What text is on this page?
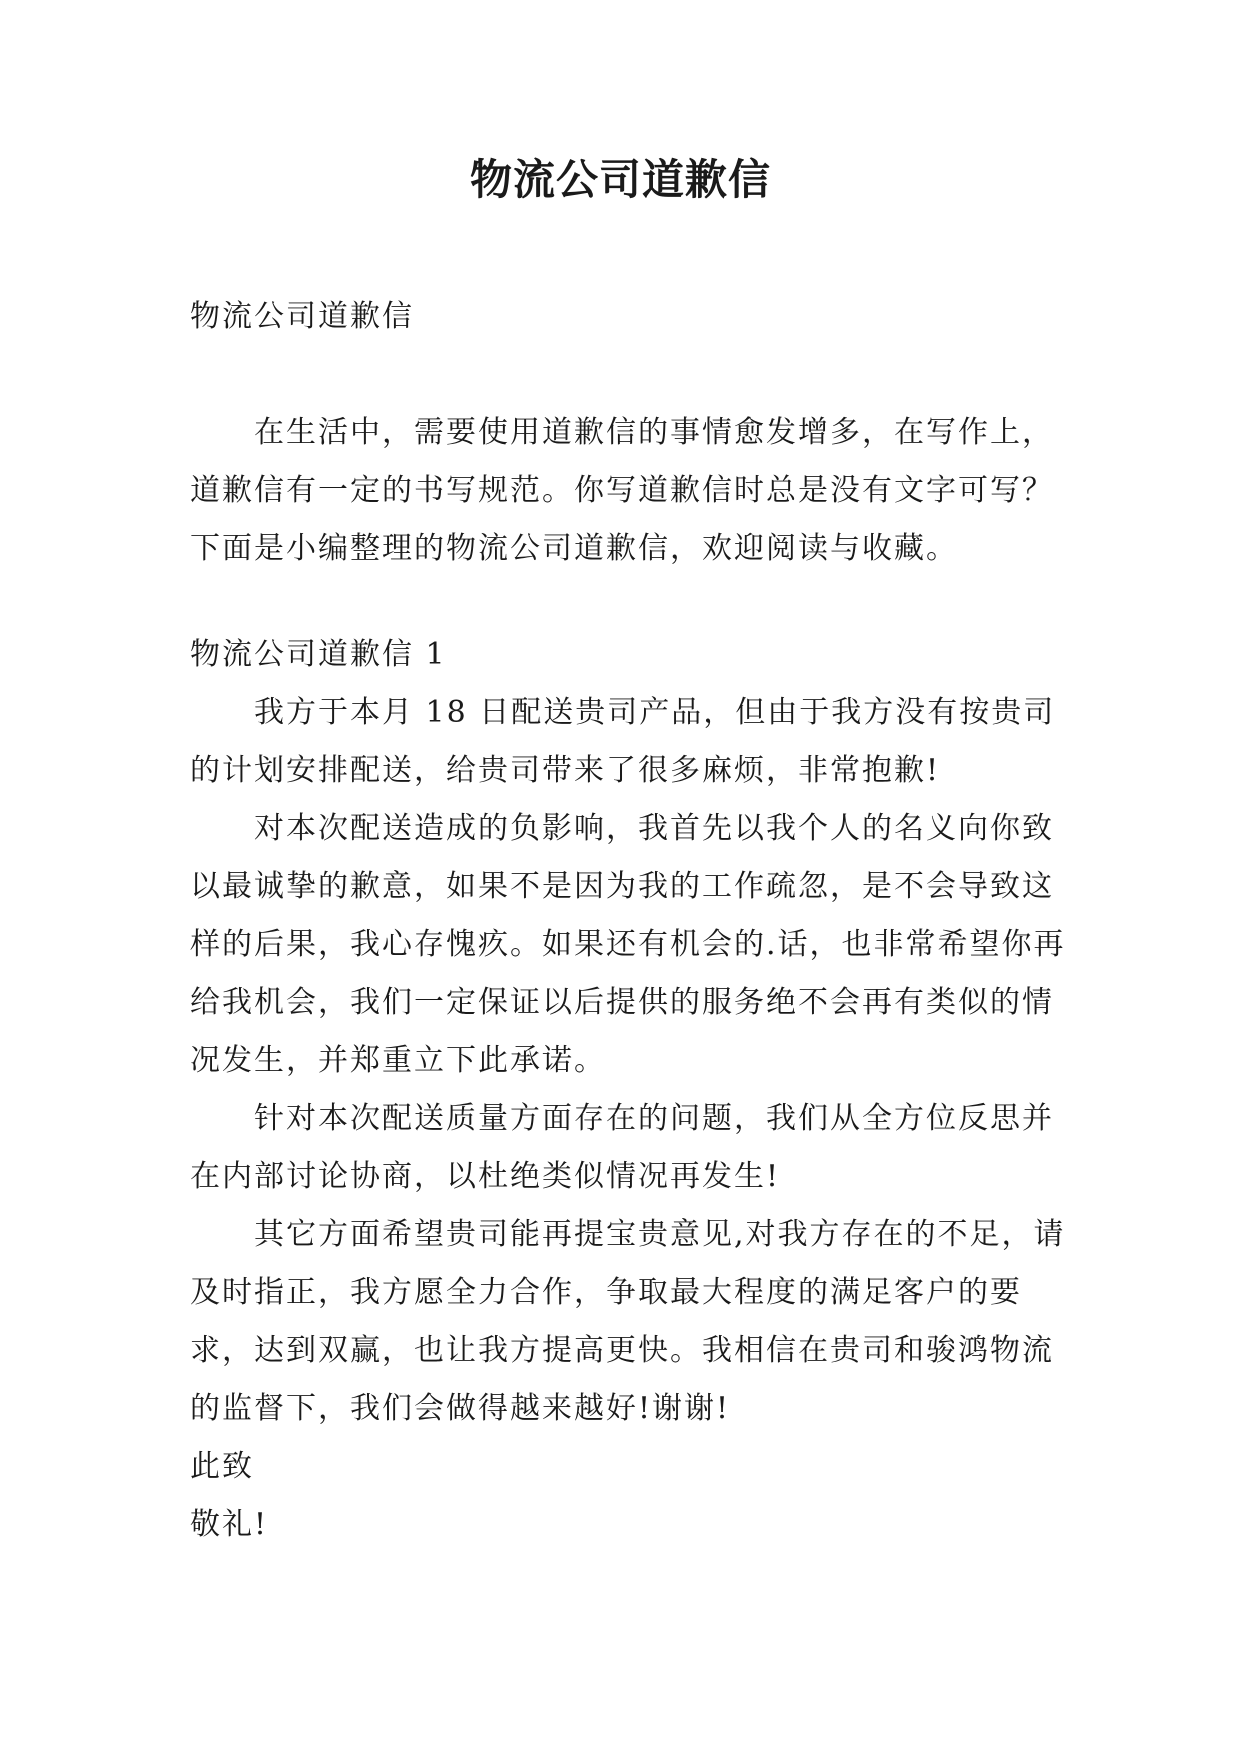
物流公司道歉信

物流公司道歉信

在生活中，需要使用道歉信的事情愈发增多，在写作上，道歉信有一定的书写规范。你写道歉信时总是没有文字可写？下面是小编整理的物流公司道歉信，欢迎阅读与收藏。

物流公司道歉信 1

我方于本月 18 日配送贵司产品，但由于我方没有按贵司的计划安排配送，给贵司带来了很多麻烦，非常抱歉!

对本次配送造成的负影响，我首先以我个人的名义向你致以最诚挚的歉意，如果不是因为我的工作疏忽，是不会导致这样的后果，我心存愧疚。如果还有机会的.话，也非常希望你再给我机会，我们一定保证以后提供的服务绝不会再有类似的情况发生，并郑重立下此承诺。

针对本次配送质量方面存在的问题，我们从全方位反思并在内部讨论协商，以杜绝类似情况再发生!

其它方面希望贵司能再提宝贵意见,对我方存在的不足，请及时指正，我方愿全力合作，争取最大程度的满足客户的要求，达到双赢，也让我方提高更快。我相信在贵司和骏鸿物流的监督下，我们会做得越来越好!谢谢!

此致

敬礼!
